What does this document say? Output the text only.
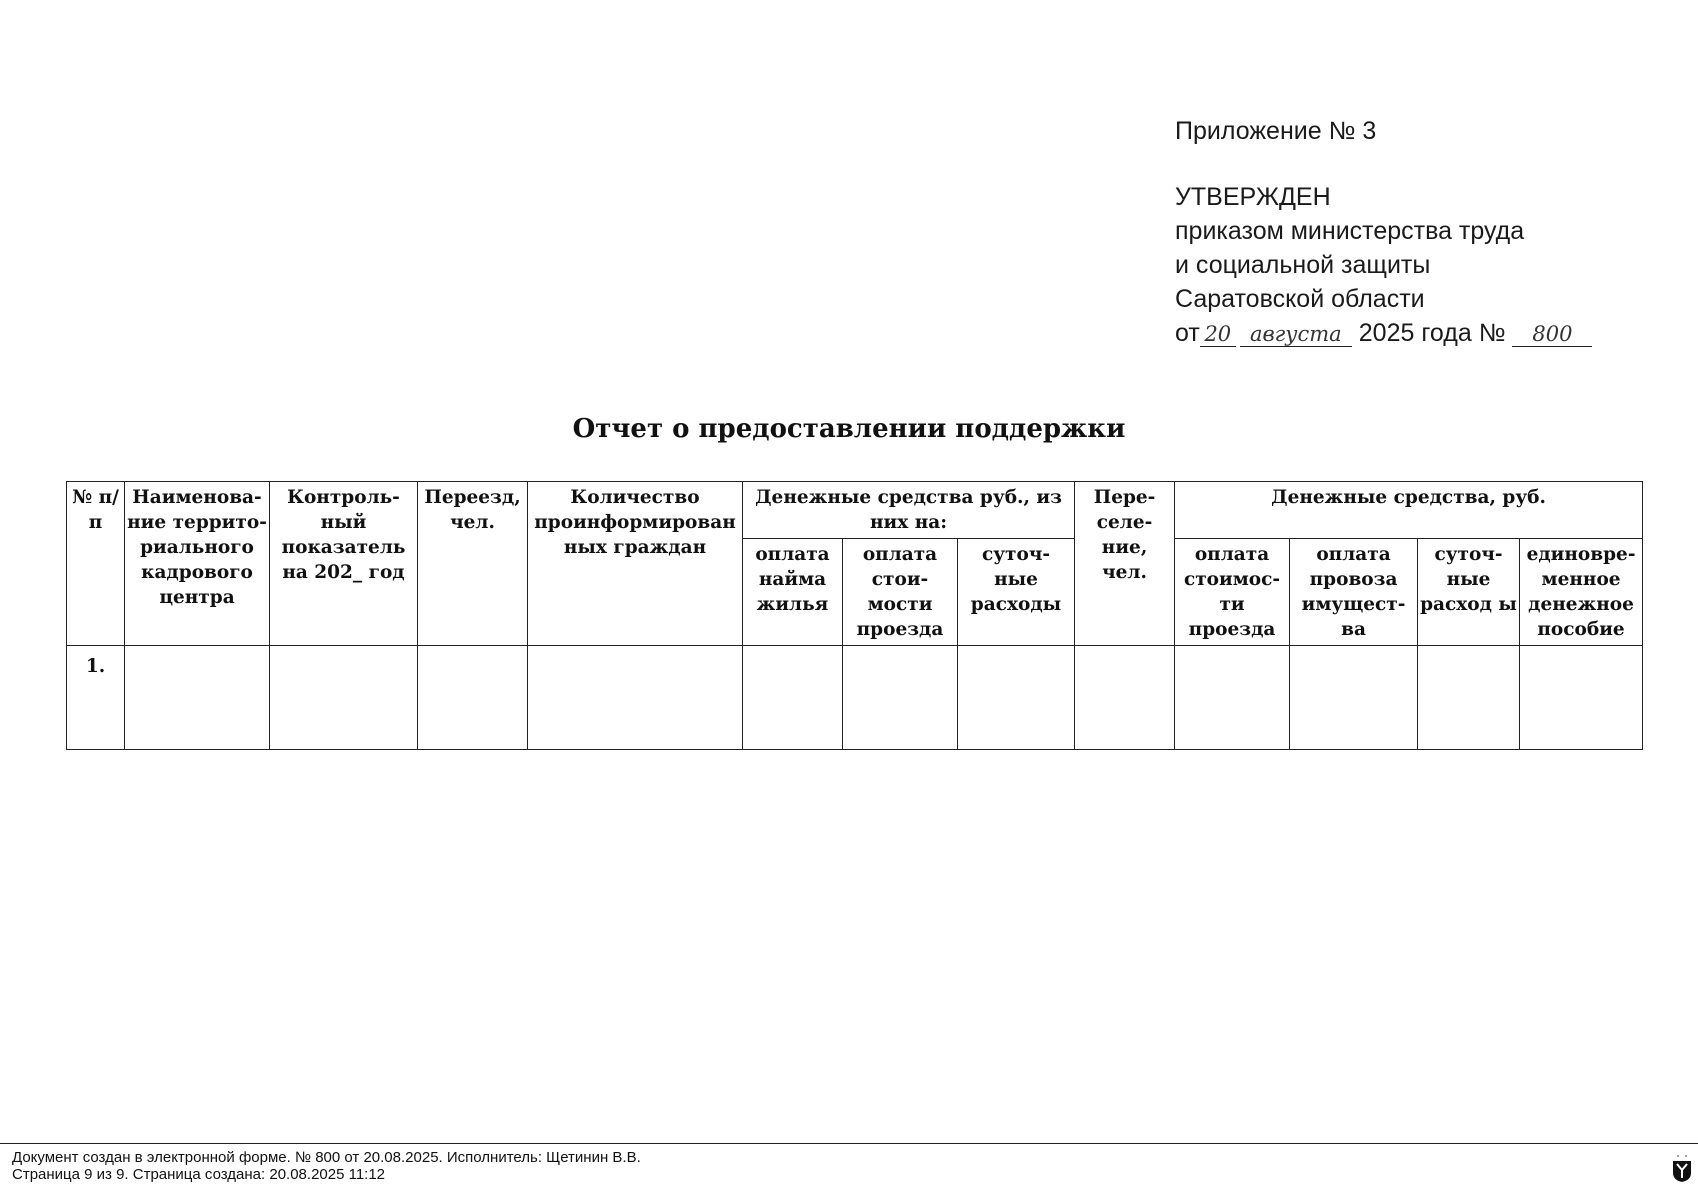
Приложение № 3
УТВЕРЖДЕН
приказом министерства труда
и социальной защиты
Саратовской области
от 20 августа 2025 года № 800
Отчет о предоставлении поддержки
№ п/п	Наименова- ние террито- риального кадрового центра	Контроль- ный показатель на 202_ год	Переезд, чел.	Количество проинформирован ных граждан	Денежные средства руб., из них на:			Пере- селе- ние, чел.	Денежные средства, руб.			
					оплата найма жилья	оплата стои- мости проезда	суточ- ные расходы		оплата стоимос- ти проезда	оплата провоза имущест- ва	суточ- ные расход ы	единовре- менное денежное пособие
1.												
Документ создан в электронной форме. № 800 от 20.08.2025. Исполнитель: Щетинин В.В.
Страница 9 из 9. Страница создана: 20.08.2025 11:12
